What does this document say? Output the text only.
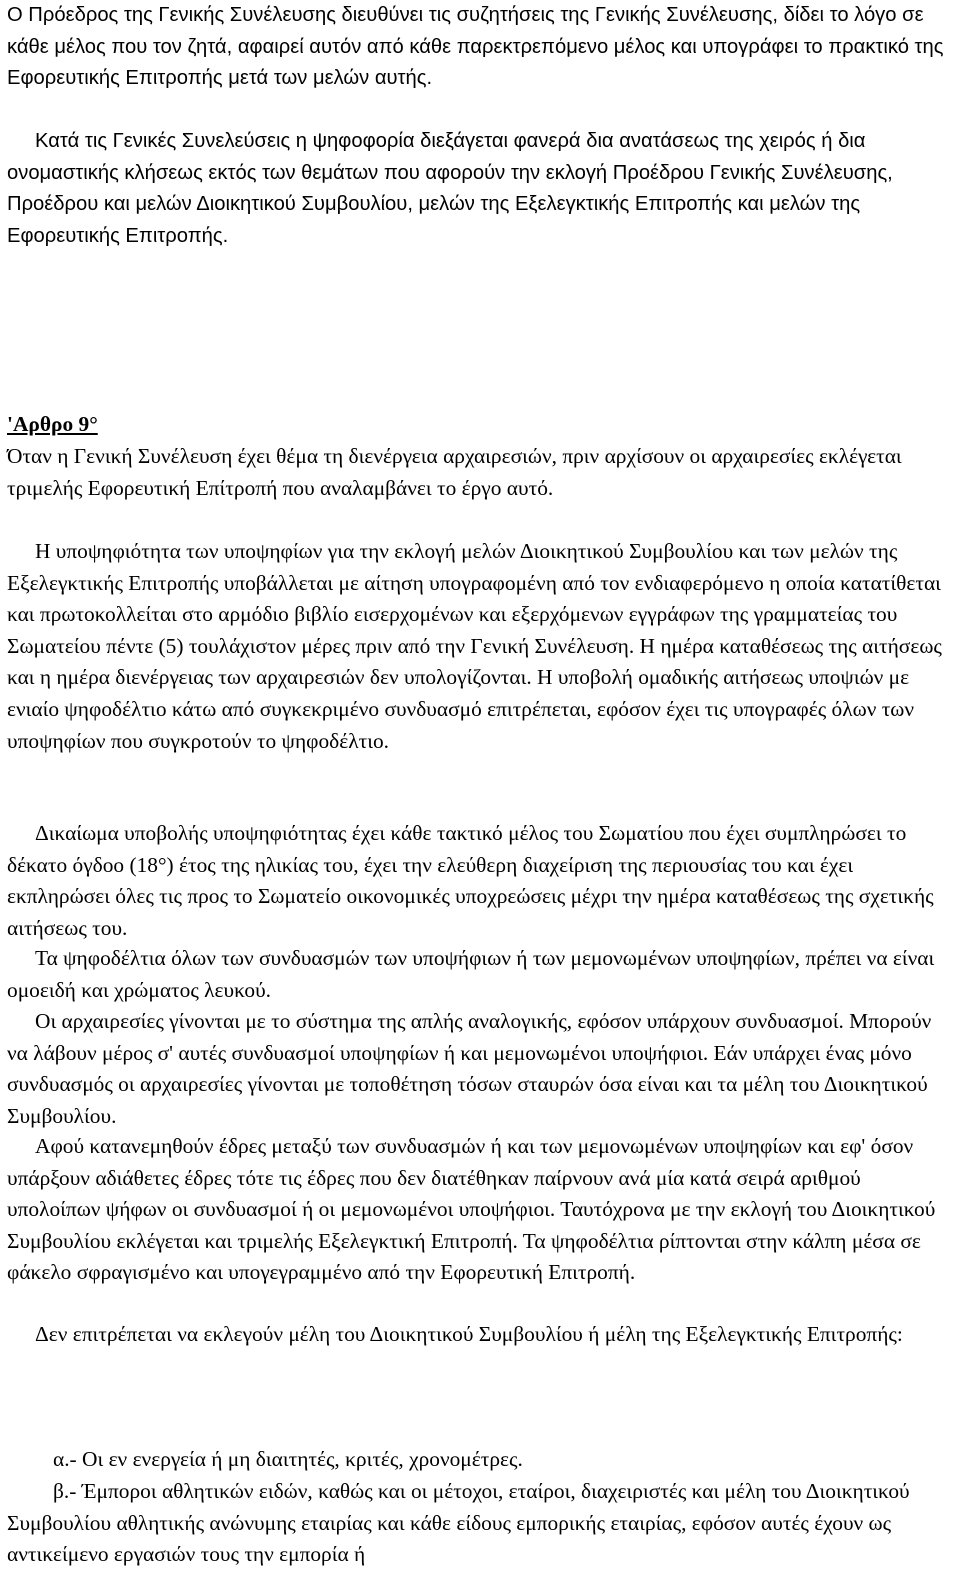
Ο Πρόεδρος της Γενικής Συνέλευσης διευθύνει τις συζητήσεις της Γενικής Συνέλευσης, δίδει το λόγο σε κάθε μέλος που τον ζητά, αφαιρεί αυτόν από κάθε παρεκτρεπόμενο μέλος και υπογράφει το πρακτικό της Εφορευτικής Επιτροπής μετά των μελών αυτής.

Κατά τις Γενικές Συνελεύσεις η ψηφοφορία διεξάγεται φανερά δια ανατάσεως της χειρός ή δια ονομαστικής κλήσεως εκτός των θεμάτων που αφορούν την εκλογή Προέδρου Γενικής Συνέλευσης, Προέδρου και μελών Διοικητικού Συμβουλίου, μελών της Εξελεγκτικής Επιτροπής και μελών της Εφορευτικής Επιτροπής.

'Αρθρο 9°

Όταν η Γενική Συνέλευση έχει θέμα τη διενέργεια αρχαιρεσιών, πριν αρχίσουν οι αρχαιρεσίες εκλέγεται τριμελής Εφορευτική Επίτροπή που αναλαμβάνει το έργο αυτό.

Η υποψηφιότητα των υποψηφίων για την εκλογή μελών Διοικητικού Συμβουλίου και των μελών της Εξελεγκτικής Επιτροπής υποβάλλεται με αίτηση υπογραφομένη από τον ενδιαφερόμενο η οποία κατατίθεται και πρωτοκολλείται στο αρμόδιο βιβλίο εισερχομένων και εξερχόμενων εγγράφων της γραμματείας του Σωματείου πέντε (5) τουλάχιστον μέρες πριν από την Γενική Συνέλευση. Η ημέρα καταθέσεως της αιτήσεως και η ημέρα διενέργειας των αρχαιρεσιών δεν υπολογίζονται. Η υποβολή ομαδικής αιτήσεως υποψιών με ενιαίο ψηφοδέλτιο κάτω από συγκεκριμένο συνδυασμό επιτρέπεται, εφόσον έχει τις υπογραφές όλων των υποψηφίων που συγκροτούν το ψηφοδέλτιο.

Δικαίωμα υποβολής υποψηφιότητας έχει κάθε τακτικό μέλος του Σωματίου που έχει συμπληρώσει το δέκατο όγδοο (18°) έτος της ηλικίας του, έχει την ελεύθερη διαχείριση της περιουσίας του και έχει εκπληρώσει όλες τις προς το Σωματείο οικονομικές υποχρεώσεις μέχρι την ημέρα καταθέσεως της σχετικής αιτήσεως του.

Τα ψηφοδέλτια όλων των συνδυασμών των υποψήφιων ή των μεμονωμένων υποψηφίων, πρέπει να είναι ομοειδή και χρώματος λευκού.

Οι αρχαιρεσίες γίνονται με το σύστημα της απλής αναλογικής, εφόσον υπάρχουν συνδυασμοί. Μπορούν να λάβουν μέρος σ' αυτές συνδυασμοί υποψηφίων ή και μεμονωμένοι υποψήφιοι. Εάν υπάρχει ένας μόνο συνδυασμός οι αρχαιρεσίες γίνονται με τοποθέτηση τόσων σταυρών όσα είναι και τα μέλη του Διοικητικού Συμβουλίου.

Αφού κατανεμηθούν έδρες μεταξύ των συνδυασμών ή και των μεμονωμένων υποψηφίων και εφ' όσον υπάρξουν αδιάθετες έδρες τότε τις έδρες που δεν διατέθηκαν παίρνουν ανά μία κατά σειρά αριθμού υπολοίπων ψήφων οι συνδυασμοί ή οι μεμονωμένοι υποψήφιοι. Ταυτόχρονα με την εκλογή του Διοικητικού Συμβουλίου εκλέγεται και τριμελής Εξελεγκτική Επιτροπή. Τα ψηφοδέλτια ρίπτονται στην κάλπη μέσα σε φάκελο σφραγισμένο και υπογεγραμμένο από την Εφορευτική Επιτροπή.

Δεν επιτρέπεται να εκλεγούν μέλη του Διοικητικού Συμβουλίου ή μέλη της Εξελεγκτικής Επιτροπής:

α.- Οι εν ενεργεία ή μη διαιτητές, κριτές, χρονομέτρες.

β.- Έμποροι αθλητικών ειδών, καθώς και οι μέτοχοι, εταίροι, διαχειριστές και μέλη του Διοικητικού Συμβουλίου αθλητικής ανώνυμης εταιρίας και κάθε είδους εμπορικής εταιρίας, εφόσον αυτές έχουν ως αντικείμενο εργασιών τους την εμπορία ή
